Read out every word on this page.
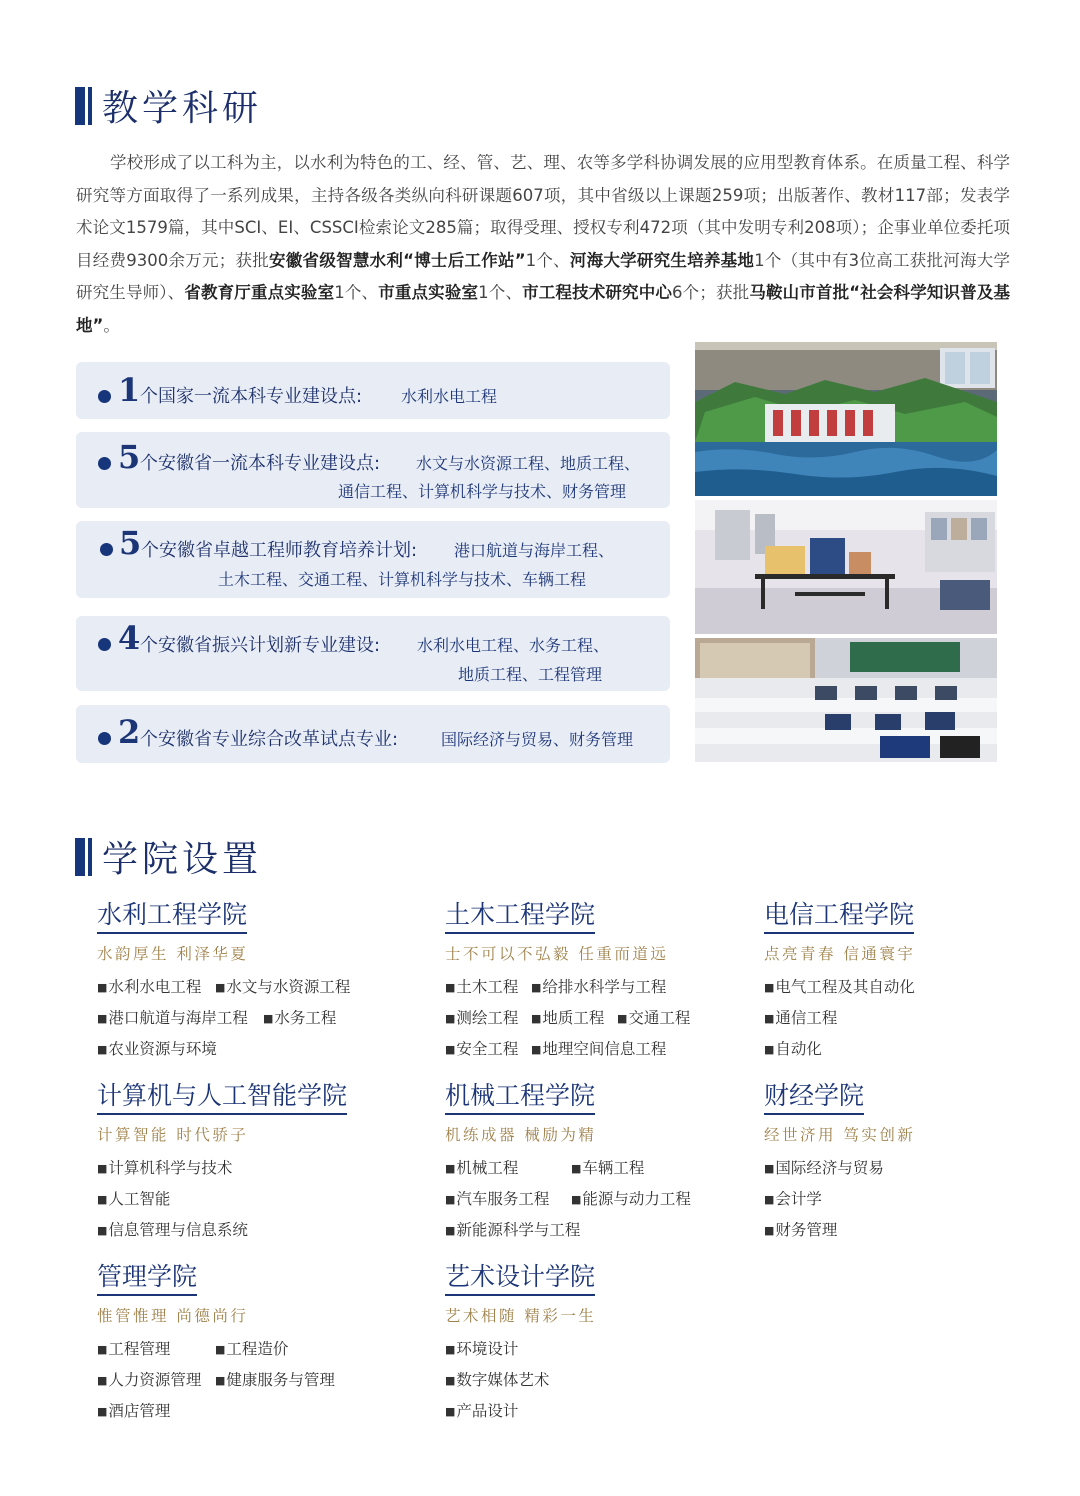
教学科研
学校形成了以工科为主，以水利为特色的工、经、管、艺、理、农等多学科协调发展的应用型教育体系。在质量工程、科学研究等方面取得了一系列成果，主持各级各类纵向科研课题607项，其中省级以上课题259项；出版著作、教材117部；发表学术论文1579篇，其中SCI、EI、CSSCI检索论文285篇；取得受理、授权专利472项（其中发明专利208项）；企事业单位委托项目经费9300余万元；获批安徽省级智慧水利“博士后工作站”1个、河海大学研究生培养基地1个（其中有3位高工获批河海大学研究生导师）、省教育厅重点实验室1个、市重点实验室1个、市工程技术研究中心6个；获批马鞍山市首批“社会科学知识普及基地”。
1 个国家一流本科专业建设点: 水利水电工程
5 个安徽省一流本科专业建设点: 水文与水资源工程、地质工程、
通信工程、计算机科学与技术、财务管理
5 个安徽省卓越工程师教育培养计划: 港口航道与海岸工程、
土木工程、交通工程、计算机科学与技术、车辆工程
4 个安徽省振兴计划新专业建设: 水利水电工程、水务工程、
地质工程、工程管理
2 个安徽省专业综合改革试点专业:	国际经济与贸易、财务管理
学院设置
水利工程学院
水韵厚生 利泽华夏
■ 水利水电工程	■ 水文与水资源工程
■ 港口航道与海岸工程	■ 水务工程
■ 农业资源与环境
土木工程学院
士不可以不弘毅 任重而道远
■ 土木工程	■ 给排水科学与工程
■ 测绘工程	■ 地质工程	■ 交通工程
■ 安全工程	■ 地理空间信息工程
电信工程学院
点亮青春 信通寰宇
■ 电气工程及其自动化
■ 通信工程
■ 自动化
计算机与人工智能学院
计算智能 时代骄子
■ 计算机科学与技术
■ 人工智能
■ 信息管理与信息系统
机械工程学院
机练成器 械励为精
■ 机械工程	■ 车辆工程
■ 汽车服务工程	■ 能源与动力工程
■ 新能源科学与工程
财经学院
经世济用 笃实创新
■ 国际经济与贸易
■ 会计学
■ 财务管理
管理学院
惟管惟理 尚德尚行
■ 工程管理	■ 工程造价
■ 人力资源管理	■ 健康服务与管理
■ 酒店管理
艺术设计学院
艺术相随 精彩一生
■ 环境设计
■ 数字媒体艺术
■ 产品设计
